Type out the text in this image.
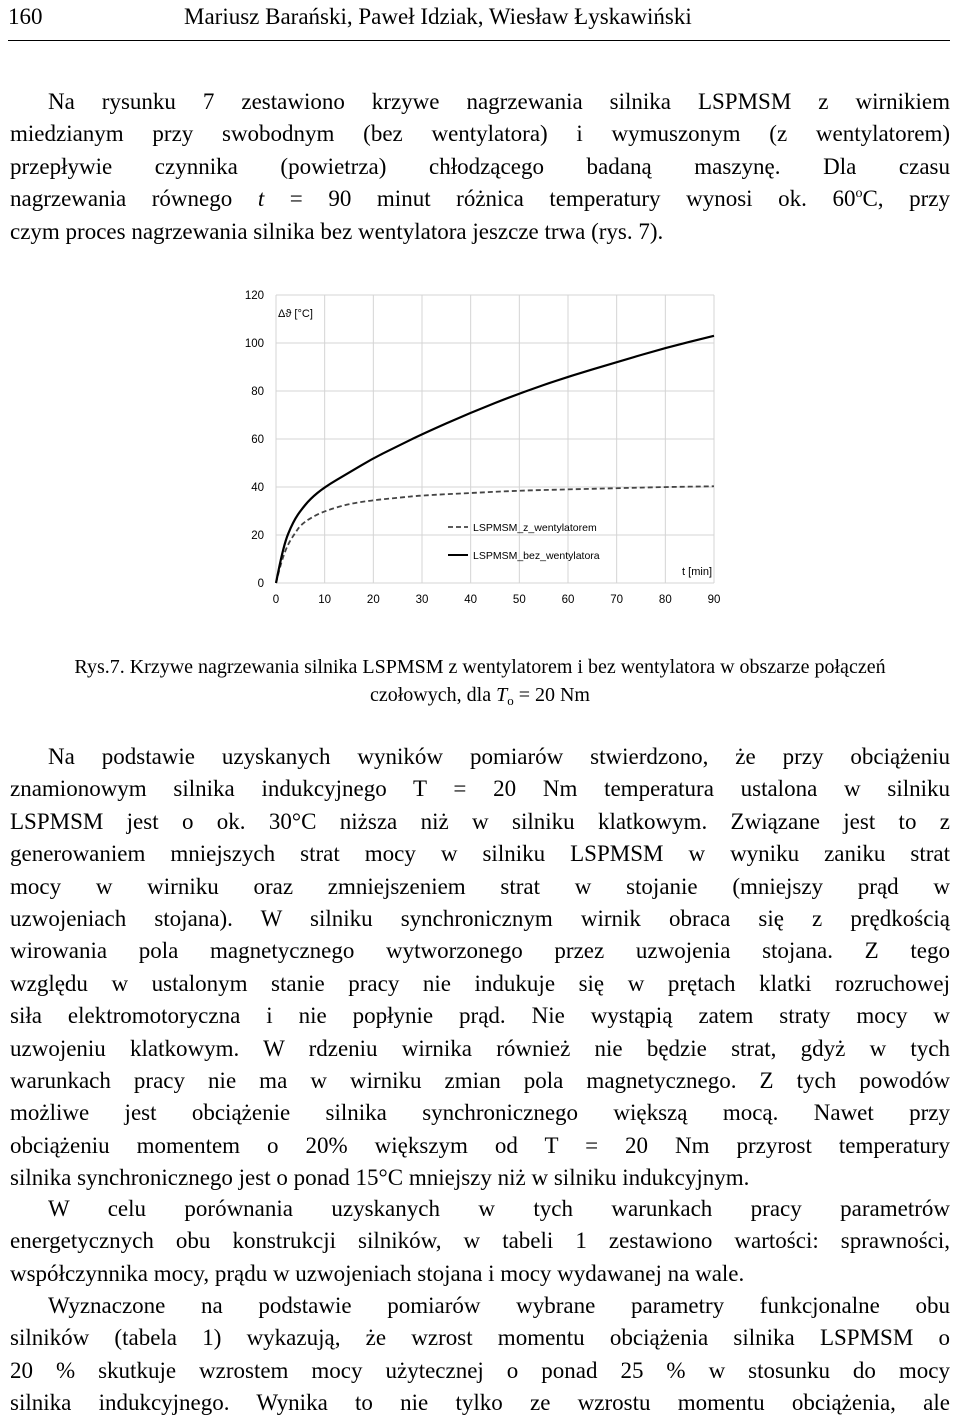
160	Mariusz Barański, Paweł Idziak, Wiesław Łyskawiński
Na rysunku 7 zestawiono krzywe nagrzewania silnika LSPMSM z wirnikiem
miedzianym przy swobodnym (bez wentylatora) i wymuszonym (z wentylatorem)
przepływie czynnika (powietrza) chłodzącego badaną maszynę. Dla czasu
nagrzewania równego t = 90 minut różnica temperatury wynosi ok. 60$^o$C, przy
czym proces nagrzewania silnika bez wentylatora jeszcze trwa (rys. 7).
0	10	20	30	40	50	60	70	80	90
0
20
40
60
80
100
120
Δϑ [°C]
t [min]
LSPMSM_z_wentylatorem
LSPMSM_bez_wentylatora
Rys.7. Krzywe nagrzewania silnika LSPMSM z wentylatorem i bez wentylatora w obszarze połączeń
czołowych, dla $T_o = 20$ Nm
Na podstawie uzyskanych wyników pomiarów stwierdzono, że przy obciążeniu
znamionowym silnika indukcyjnego T = 20 Nm temperatura ustalona w silniku
LSPMSM jest o ok. 30°C niższa niż w silniku klatkowym. Związane jest to z
generowaniem mniejszych strat mocy w silniku LSPMSM w wyniku zaniku strat
mocy w wirniku oraz zmniejszeniem strat w stojanie (mniejszy prąd w
uzwojeniach stojana). W silniku synchronicznym wirnik obraca się z prędkością
wirowania pola magnetycznego wytworzonego przez uzwojenia stojana. Z tego
względu w ustalonym stanie pracy nie indukuje się w prętach klatki rozruchowej
siła elektromotoryczna i nie popłynie prąd. Nie wystąpią zatem straty mocy w
uzwojeniu klatkowym. W rdzeniu wirnika również nie będzie strat, gdyż w tych
warunkach pracy nie ma w wirniku zmian pola magnetycznego. Z tych powodów
możliwe jest obciążenie silnika synchronicznego większą mocą. Nawet przy
obciążeniu momentem o 20% większym od T = 20 Nm przyrost temperatury
silnika synchronicznego jest o ponad 15°C mniejszy niż w silniku indukcyjnym.
W celu porównania uzyskanych w tych warunkach pracy parametrów
energetycznych obu konstrukcji silników, w tabeli 1 zestawiono wartości: sprawności,
współczynnika mocy, prądu w uzwojeniach stojana i mocy wydawanej na wale.
Wyznaczone na podstawie pomiarów wybrane parametry funkcjonalne obu
silników (tabela 1) wykazują, że wzrost momentu obciążenia silnika LSPMSM o
20 % skutkuje wzrostem mocy użytecznej o ponad 25 % w stosunku do mocy
silnika indukcyjnego. Wynika to nie tylko ze wzrostu momentu obciążenia, ale
